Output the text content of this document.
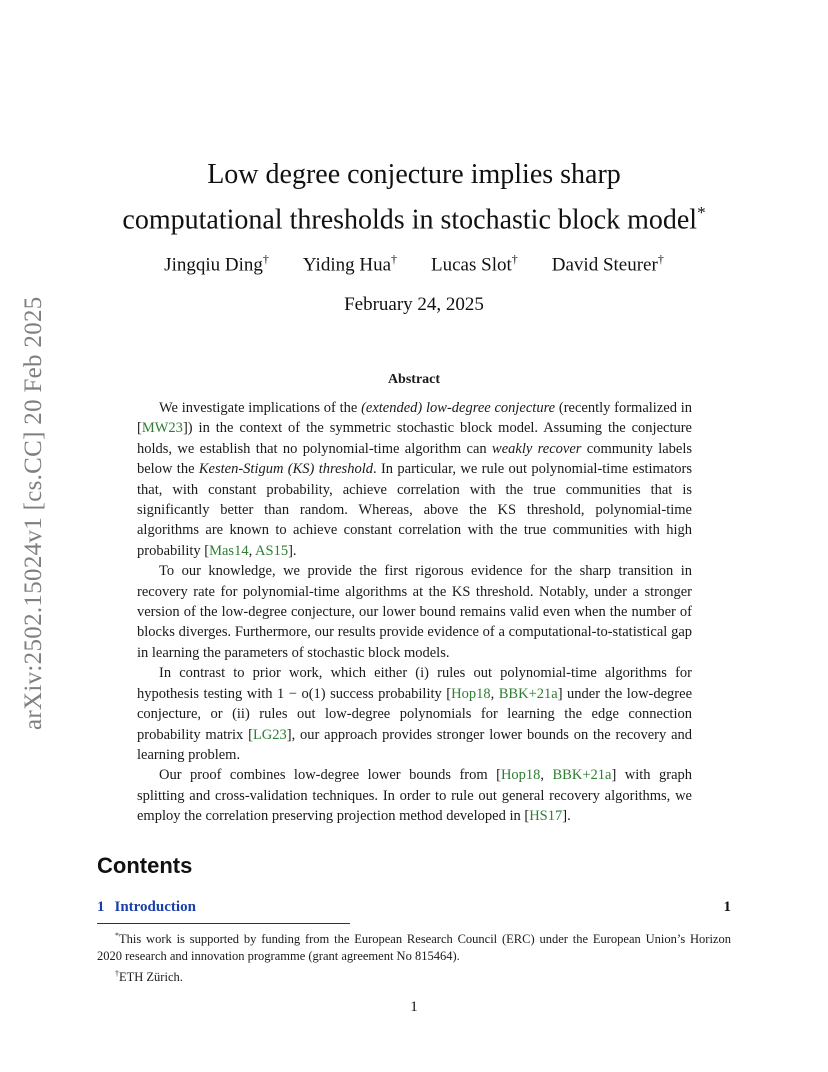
arXiv:2502.15024v1 [cs.CC] 20 Feb 2025
Low degree conjecture implies sharp
computational thresholds in stochastic block model*
Jingqiu Ding† Yiding Hua† Lucas Slot† David Steurer†
February 24, 2025
Abstract

We investigate implications of the (extended) low-degree conjecture (recently formalized in [MW23]) in the context of the symmetric stochastic block model. Assuming the conjecture holds, we establish that no polynomial-time algorithm can weakly recover community labels below the Kesten-Stigum (KS) threshold. In particular, we rule out polynomial-time estimators that, with constant probability, achieve correlation with the true communities that is significantly better than random. Whereas, above the KS threshold, polynomial-time algorithms are known to achieve constant correlation with the true communities with high probability [Mas14, AS15].

To our knowledge, we provide the first rigorous evidence for the sharp transition in recovery rate for polynomial-time algorithms at the KS threshold. Notably, under a stronger version of the low-degree conjecture, our lower bound remains valid even when the number of blocks diverges. Furthermore, our results provide evidence of a computational-to-statistical gap in learning the parameters of stochastic block models.

In contrast to prior work, which either (i) rules out polynomial-time algorithms for hypothesis testing with 1 − o(1) success probability [Hop18, BBK+21a] under the low-degree conjecture, or (ii) rules out low-degree polynomials for learning the edge connection probability matrix [LG23], our approach provides stronger lower bounds on the recovery and learning problem.

Our proof combines low-degree lower bounds from [Hop18, BBK+21a] with graph splitting and cross-validation techniques. In order to rule out general recovery algorithms, we employ the correlation preserving projection method developed in [HS17].

Contents
1 Introduction	1

*This work is supported by funding from the European Research Council (ERC) under the European Union’s Horizon 2020 research and innovation programme (grant agreement No 815464).

†ETH Zürich.

1
